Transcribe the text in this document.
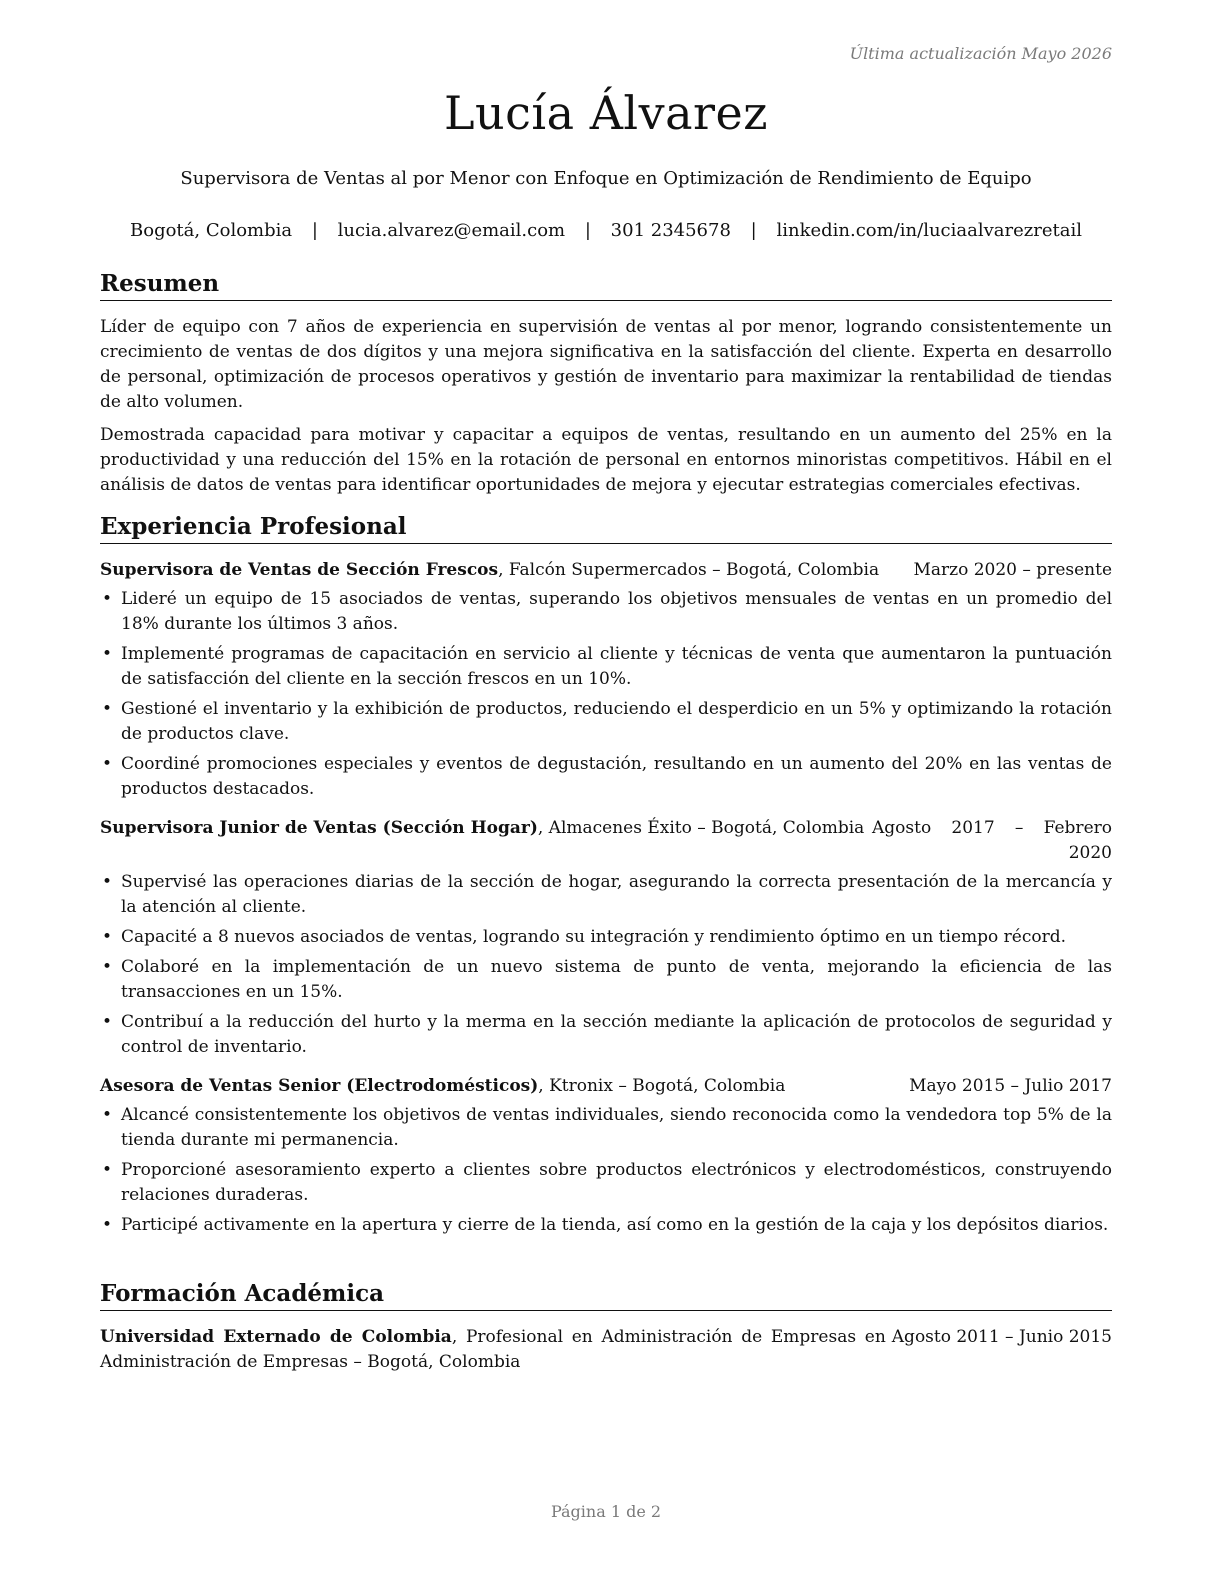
Última actualización Mayo 2026
Lucía Álvarez
Supervisora de Ventas al por Menor con Enfoque en Optimización de Rendimiento de Equipo
Bogotá, Colombia | lucia.alvarez@email.com | 301 2345678 | linkedin.com/in/luciaalvarezretail
Resumen

Líder de equipo con 7 años de experiencia en supervisión de ventas al por menor, logrando consistentemente un crecimiento de ventas de dos dígitos y una mejora significativa en la satisfacción del cliente. Experta en desarrollo de personal, optimización de procesos operativos y gestión de inventario para maximizar la rentabilidad de tiendas de alto volumen.

Demostrada capacidad para motivar y capacitar a equipos de ventas, resultando en un aumento del 25% en la productividad y una reducción del 15% en la rotación de personal en entornos minoristas competitivos. Hábil en el análisis de datos de ventas para identificar oportunidades de mejora y ejecutar estrategias comerciales efectivas.

Experiencia Profesional
Supervisora de Ventas de Sección Frescos, Falcón Supermercados – Bogotá, Colombia Marzo 2020 – presente
• Lideré un equipo de 15 asociados de ventas, superando los objetivos mensuales de ventas en un promedio del 18% durante los últimos 3 años.
• Implementé programas de capacitación en servicio al cliente y técnicas de venta que aumentaron la puntuación de satisfacción del cliente en la sección frescos en un 10%.
• Gestioné el inventario y la exhibición de productos, reduciendo el desperdicio en un 5% y optimizando la rotación de productos clave.
• Coordiné promociones especiales y eventos de degustación, resultando en un aumento del 20% en las ventas de productos destacados.
Supervisora Junior de Ventas (Sección Hogar), Almacenes Éxito – Bogotá, Colombia Agosto 2017 – Febrero 2020
• Supervisé las operaciones diarias de la sección de hogar, asegurando la correcta presentación de la mercancía y la atención al cliente.
• Capacité a 8 nuevos asociados de ventas, logrando su integración y rendimiento óptimo en un tiempo récord.
• Colaboré en la implementación de un nuevo sistema de punto de venta, mejorando la eficiencia de las transacciones en un 15%.
• Contribuí a la reducción del hurto y la merma en la sección mediante la aplicación de protocolos de seguridad y control de inventario.
Asesora de Ventas Senior (Electrodomésticos), Ktronix – Bogotá, Colombia	Mayo 2015 – Julio 2017
• Alcancé consistentemente los objetivos de ventas individuales, siendo reconocida como la vendedora top 5% de la tienda durante mi permanencia.
• Proporcioné asesoramiento experto a clientes sobre productos electrónicos y electrodomésticos, construyendo relaciones duraderas.
• Participé activamente en la apertura y cierre de la tienda, así como en la gestión de la caja y los depósitos diarios.
Formación Académica
Universidad Externado de Colombia, Profesional en Administración de Empresas en Administración de Empresas – Bogotá, Colombia
Agosto 2011 – Junio 2015
Página 1 de 2
